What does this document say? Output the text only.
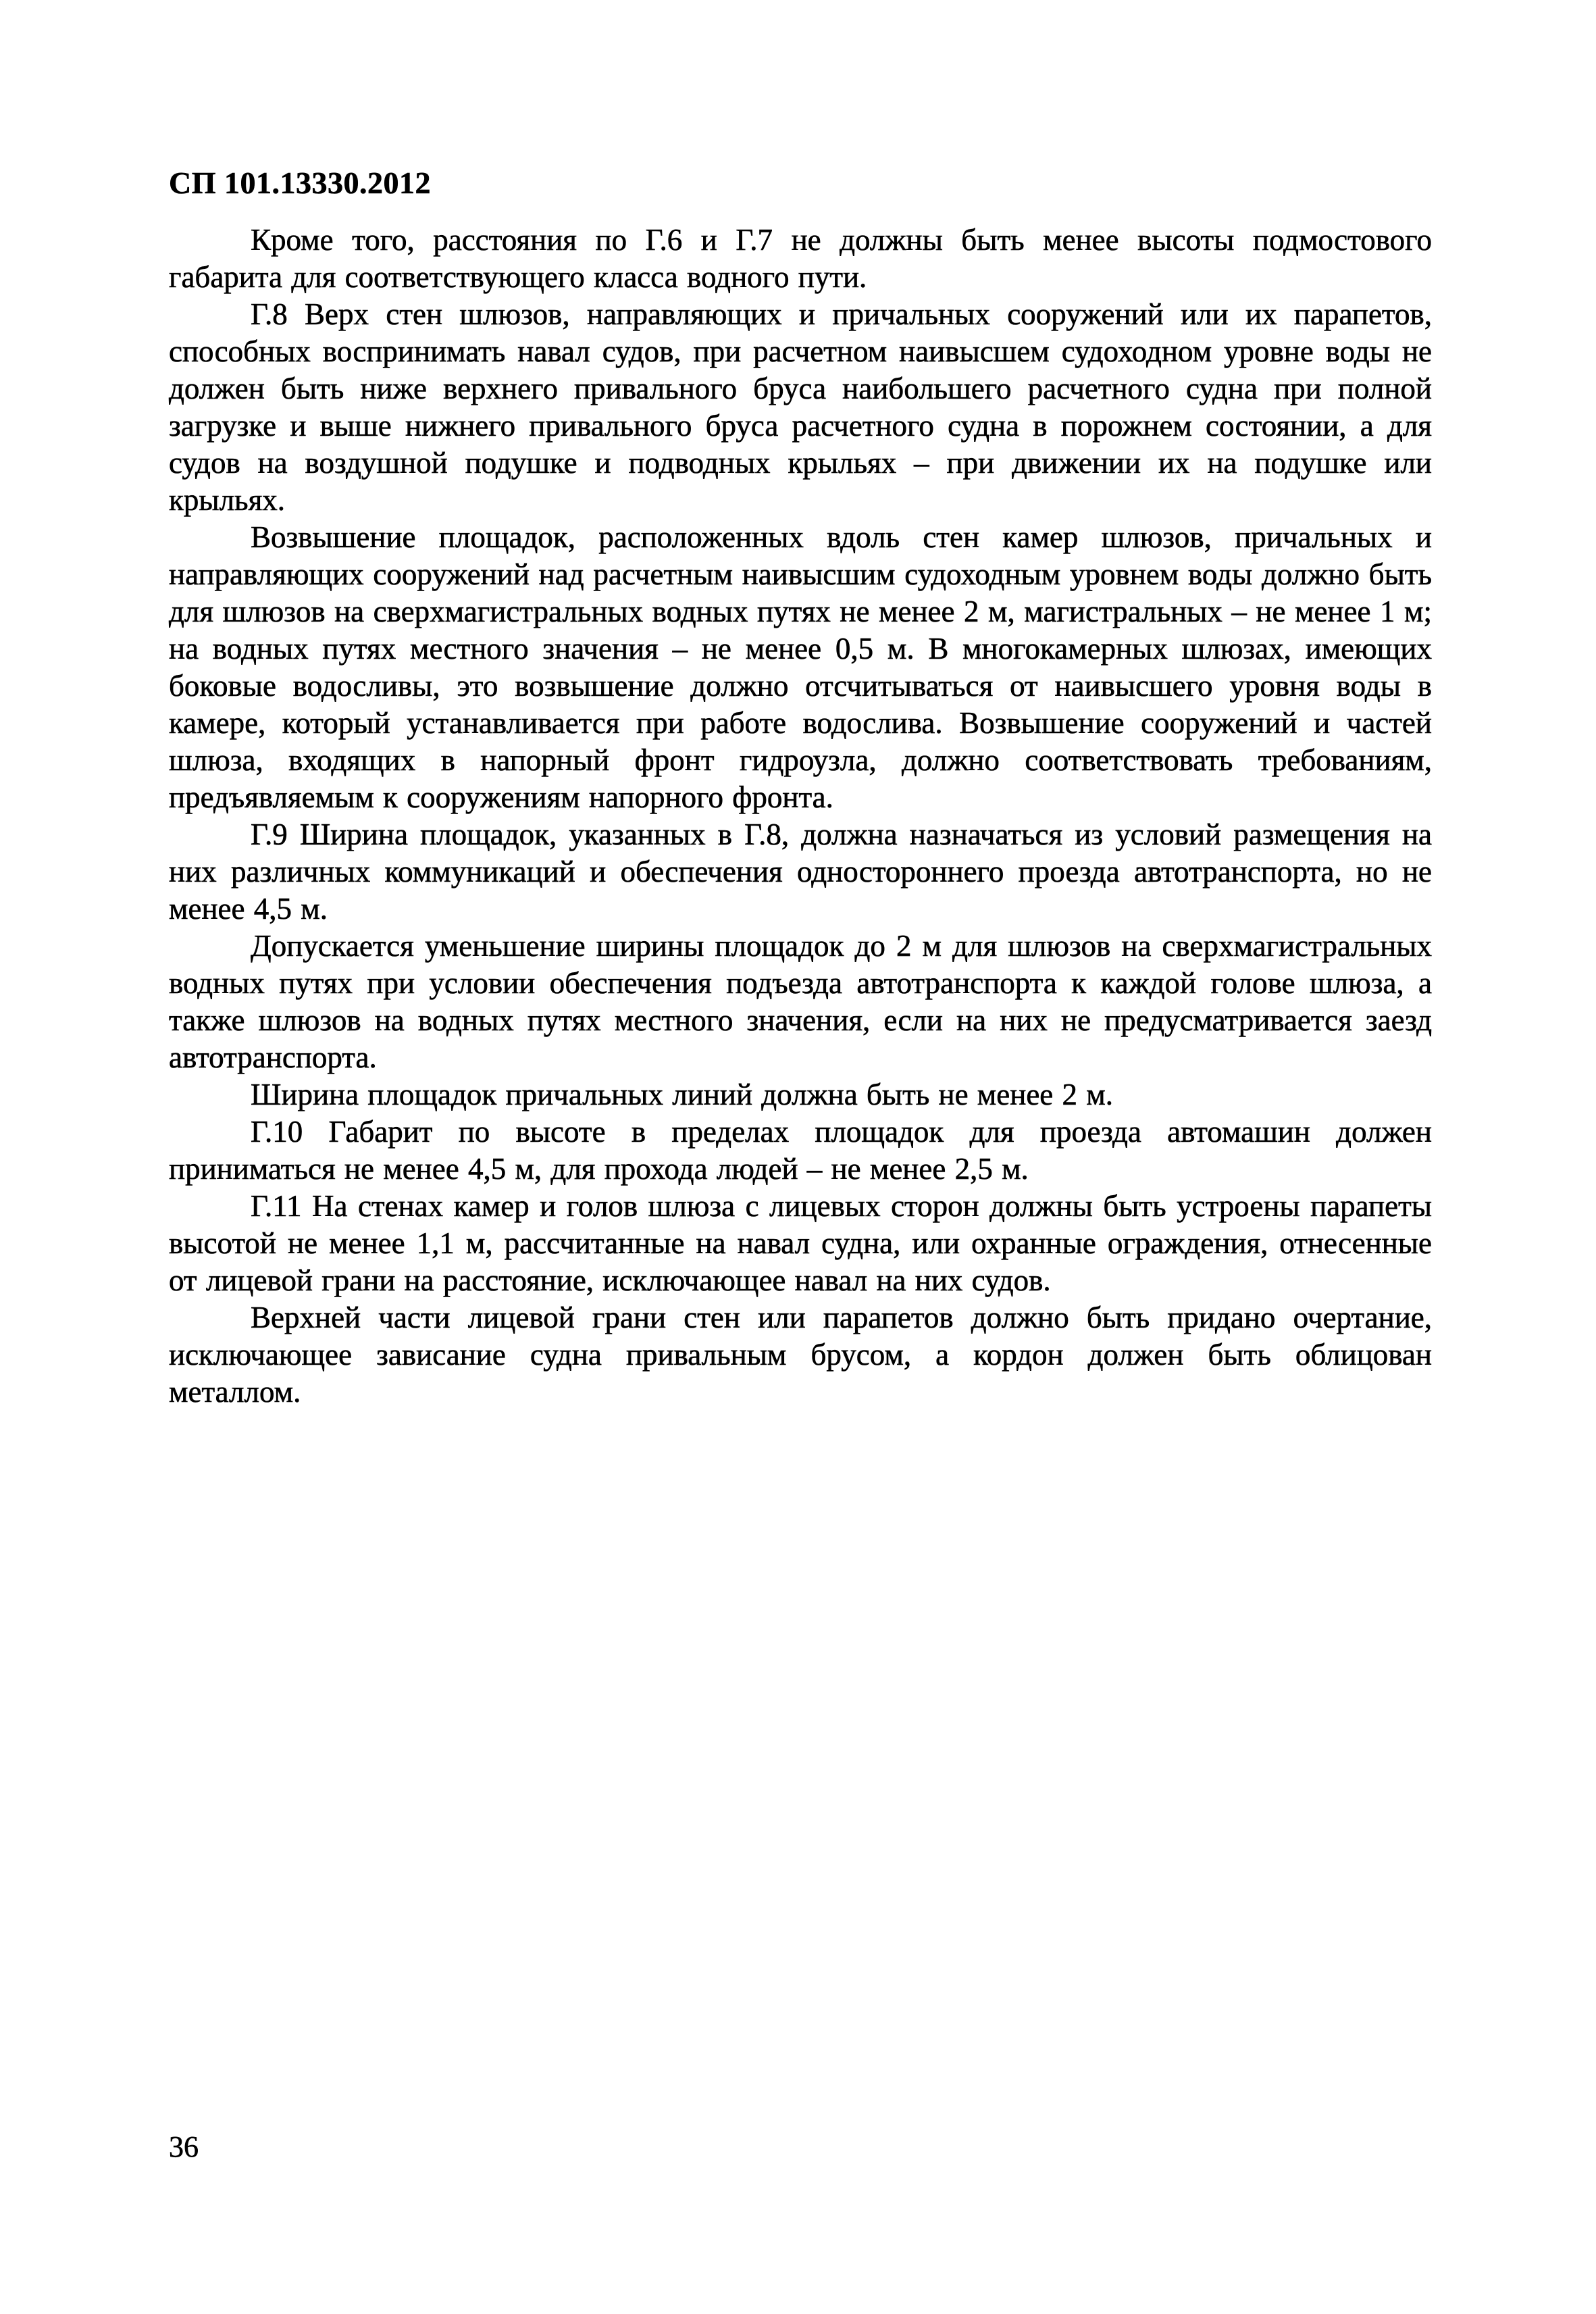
СП 101.13330.2012

Кроме того, расстояния по Г.6 и Г.7 не должны быть менее высоты подмостового габарита для соответствующего класса водного пути.

Г.8 Верх стен шлюзов, направляющих и причальных сооружений или их парапетов, способных воспринимать навал судов, при расчетном наивысшем судоходном уровне воды не должен быть ниже верхнего привального бруса наибольшего расчетного судна при полной загрузке и выше нижнего привального бруса расчетного судна в порожнем состоянии, а для судов на воздушной подушке и подводных крыльях – при движении их на подушке или крыльях.

Возвышение площадок, расположенных вдоль стен камер шлюзов, причальных и направляющих сооружений над расчетным наивысшим судоходным уровнем воды должно быть для шлюзов на сверхмагистральных водных путях не менее 2 м, магистральных – не менее 1 м; на водных путях местного значения – не менее 0,5 м. В многокамерных шлюзах, имеющих боковые водосливы, это возвышение должно отсчитываться от наивысшего уровня воды в камере, который устанавливается при работе водослива. Возвышение сооружений и частей шлюза, входящих в напорный фронт гидроузла, должно соответствовать требованиям, предъявляемым к сооружениям напорного фронта.

Г.9 Ширина площадок, указанных в Г.8, должна назначаться из условий размещения на них различных коммуникаций и обеспечения одностороннего проезда автотранспорта, но не менее 4,5 м.

Допускается уменьшение ширины площадок до 2 м для шлюзов на сверхмагистральных водных путях при условии обеспечения подъезда автотранспорта к каждой голове шлюза, а также шлюзов на водных путях местного значения, если на них не предусматривается заезд автотранспорта.

Ширина площадок причальных линий должна быть не менее 2 м.

Г.10 Габарит по высоте в пределах площадок для проезда автомашин должен приниматься не менее 4,5 м, для прохода людей – не менее 2,5 м.

Г.11 На стенах камер и голов шлюза с лицевых сторон должны быть устроены парапеты высотой не менее 1,1 м, рассчитанные на навал судна, или охранные ограждения, отнесенные от лицевой грани на расстояние, исключающее навал на них судов.

Верхней части лицевой грани стен или парапетов должно быть придано очертание, исключающее зависание судна привальным брусом, а кордон должен быть облицован металлом.

36
